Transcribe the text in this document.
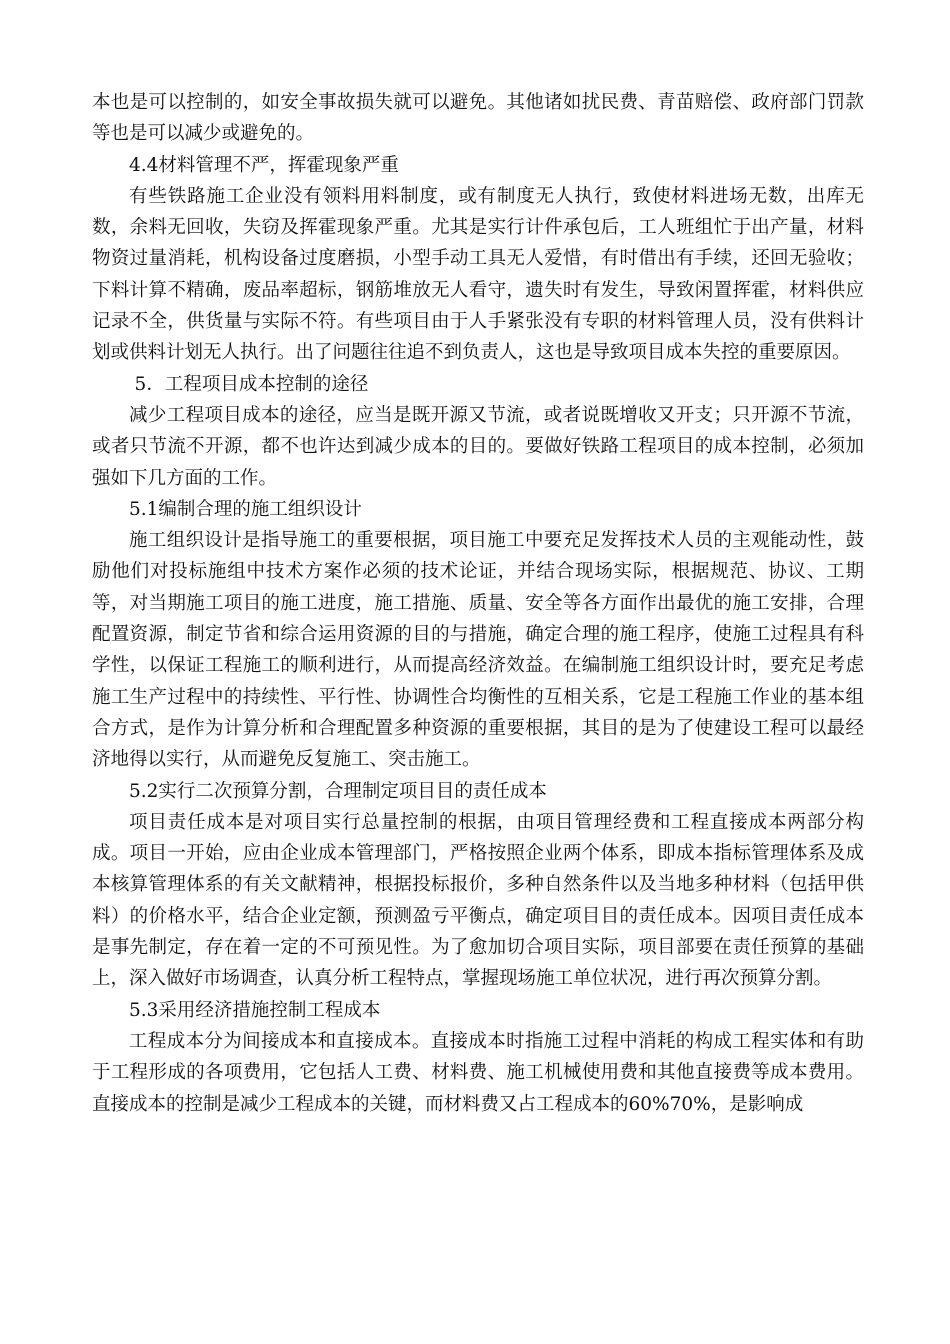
本也是可以控制的，如安全事故损失就可以避免。其他诸如扰民费、青苗赔偿、政府部门罚款等也是可以减少或避免的。

4.4材料管理不严，挥霍现象严重

有些铁路施工企业没有领料用料制度，或有制度无人执行，致使材料进场无数，出库无数，余料无回收，失窃及挥霍现象严重。尤其是实行计件承包后，工人班组忙于出产量，材料物资过量消耗，机构设备过度磨损，小型手动工具无人爱惜，有时借出有手续，还回无验收；下料计算不精确，废品率超标，钢筋堆放无人看守，遗失时有发生，导致闲置挥霍，材料供应记录不全，供货量与实际不符。有些项目由于人手紧张没有专职的材料管理人员，没有供料计划或供料计划无人执行。出了问题往往追不到负责人，这也是导致项目成本失控的重要原因。

5．工程项目成本控制的途径

减少工程项目成本的途径，应当是既开源又节流，或者说既增收又开支；只开源不节流，或者只节流不开源，都不也许达到减少成本的目的。要做好铁路工程项目的成本控制，必须加强如下几方面的工作。

5.1编制合理的施工组织设计

施工组织设计是指导施工的重要根据，项目施工中要充足发挥技术人员的主观能动性，鼓励他们对投标施组中技术方案作必须的技术论证，并结合现场实际，根据规范、协议、工期等，对当期施工项目的施工进度，施工措施、质量、安全等各方面作出最优的施工安排，合理配置资源，制定节省和综合运用资源的目的与措施，确定合理的施工程序，使施工过程具有科学性，以保证工程施工的顺利进行，从而提高经济效益。在编制施工组织设计时，要充足考虑施工生产过程中的持续性、平行性、协调性合均衡性的互相关系，它是工程施工作业的基本组合方式，是作为计算分析和合理配置多种资源的重要根据，其目的是为了使建设工程可以最经济地得以实行，从而避免反复施工、突击施工。

5.2实行二次预算分割，合理制定项目目的责任成本

项目责任成本是对项目实行总量控制的根据，由项目管理经费和工程直接成本两部分构成。项目一开始，应由企业成本管理部门，严格按照企业两个体系，即成本指标管理体系及成本核算管理体系的有关文献精神，根据投标报价，多种自然条件以及当地多种材料（包括甲供料）的价格水平，结合企业定额，预测盈亏平衡点，确定项目目的责任成本。因项目责任成本是事先制定，存在着一定的不可预见性。为了愈加切合项目实际，项目部要在责任预算的基础上，深入做好市场调查，认真分析工程特点，掌握现场施工单位状况，进行再次预算分割。

5.3采用经济措施控制工程成本

工程成本分为间接成本和直接成本。直接成本时指施工过程中消耗的构成工程实体和有助于工程形成的各项费用，它包括人工费、材料费、施工机械使用费和其他直接费等成本费用。直接成本的控制是减少工程成本的关键，而材料费又占工程成本的60%70%，是影响成
